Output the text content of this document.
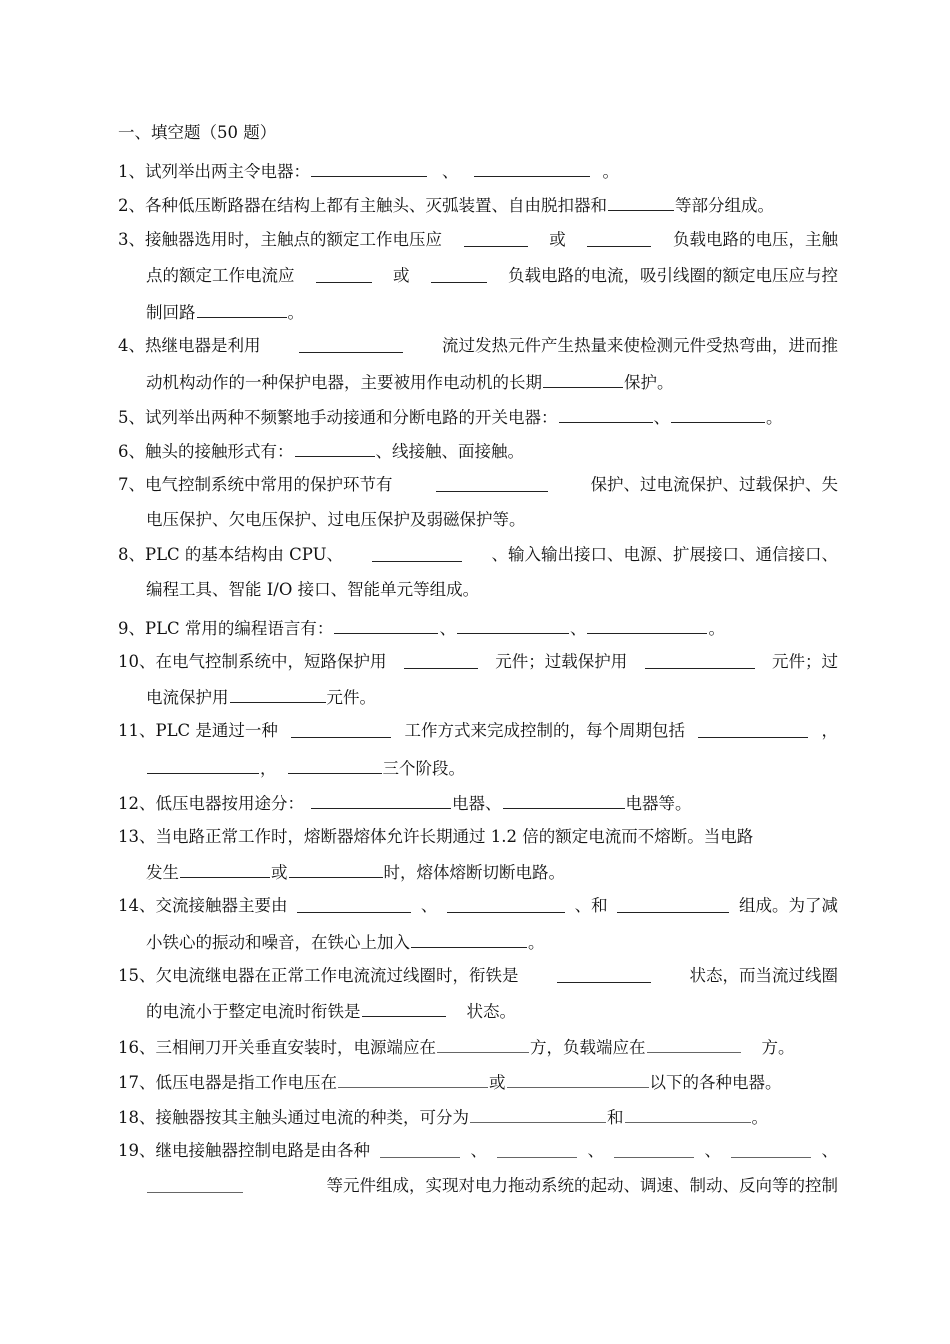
一、填空题（50 题）
1、试列举出两主令电器：	、	。
2、各种低压断路器在结构上都有主触头、灭弧装置、自由脱扣器和	等部分组成。
3、接触器选用时，主触点的额定工作电压应	或	负载电路的电压，主触
点的额定工作电流应	或	负载电路的电流，吸引线圈的额定电压应与控
制回路	。
4、热继电器是利用	流过发热元件产生热量来使检测元件受热弯曲，进而推
动机构动作的一种保护电器，主要被用作电动机的长期	保护。
5、试列举出两种不频繁地手动接通和分断电路的开关电器：	、	。
6、触头的接触形式有：	、线接触、面接触。
7、电气控制系统中常用的保护环节有	保护、过电流保护、过载保护、失
电压保护、欠电压保护、过电压保护及弱磁保护等。
8、PLC 的基本结构由 CPU、	、输入输出接口、电源、扩展接口、通信接口、
编程工具、智能 I/O 接口、智能单元等组成。
9、PLC 常用的编程语言有：	、	、	。
10、在电气控制系统中，短路保护用	元件；过载保护用	元件；过
电流保护用	元件。
11、PLC 是通过一种	工作方式来完成控制的，每个周期包括	，
，	三个阶段。
12、低压电器按用途分：	电器、	电器等。
13、当电路正常工作时，熔断器熔体允许长期通过 1.2 倍的额定电流而不熔断。当电路
发生	或	时，熔体熔断切断电路。
14、交流接触器主要由	、	、和	组成。为了减
小铁心的振动和噪音，在铁心上加入	。
15、欠电流继电器在正常工作电流流过线圈时，衔铁是	状态，而当流过线圈
的电流小于整定电流时衔铁是	状态。
16、三相闸刀开关垂直安装时，电源端应在	方，负载端应在	方。
17、低压电器是指工作电压在	或	以下的各种电器。
18、接触器按其主触头通过电流的种类，可分为	和	。
19、继电接触器控制电路是由各种	、	、	、	、
等元件组成，实现对电力拖动系统的起动、调速、制动、反向等的控制
